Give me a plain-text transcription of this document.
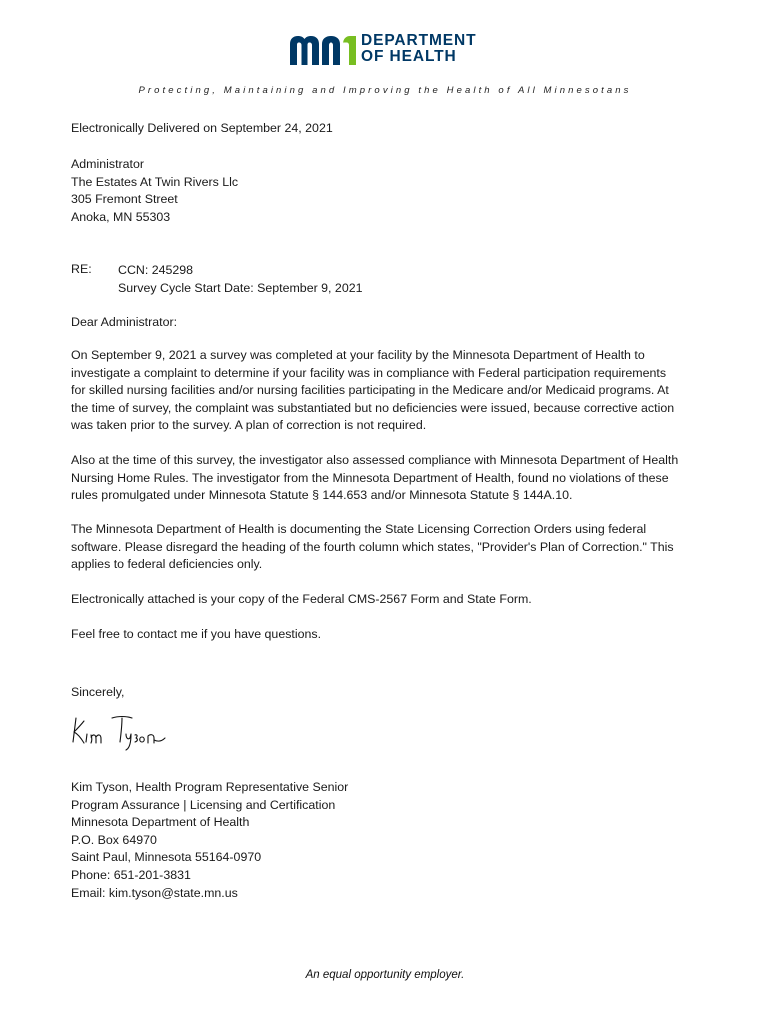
DEPARTMENT
OF HEALTH
Protecting, Maintaining and Improving the Health of All Minnesotans
Electronically Delivered on September 24, 2021
Administrator
The Estates At Twin Rivers Llc
305 Fremont Street
Anoka, MN 55303
RE: CCN: 245298
Survey Cycle Start Date: September 9, 2021
Dear Administrator:
On September 9, 2021 a survey was completed at your facility by the Minnesota Department of Health to
investigate a complaint to determine if your facility was in compliance with Federal participation requirements
for skilled nursing facilities and/or nursing facilities participating in the Medicare and/or Medicaid programs. At
the time of survey, the complaint was substantiated but no deficiencies were issued, because corrective action
was taken prior to the survey. A plan of correction is not required.
Also at the time of this survey, the investigator also assessed compliance with Minnesota Department of Health
Nursing Home Rules. The investigator from the Minnesota Department of Health, found no violations of these
rules promulgated under Minnesota Statute § 144.653 and/or Minnesota Statute § 144A.10.
The Minnesota Department of Health is documenting the State Licensing Correction Orders using federal
software. Please disregard the heading of the fourth column which states, "Provider's Plan of Correction." This
applies to federal deficiencies only.
Electronically attached is your copy of the Federal CMS-2567 Form and State Form.
Feel free to contact me if you have questions.
Sincerely,
Kim Tyson, Health Program Representative Senior
Program Assurance | Licensing and Certification
Minnesota Department of Health
P.O. Box 64970
Saint Paul, Minnesota 55164-0970
Phone: 651-201-3831
Email: kim.tyson@state.mn.us
An equal opportunity employer.
